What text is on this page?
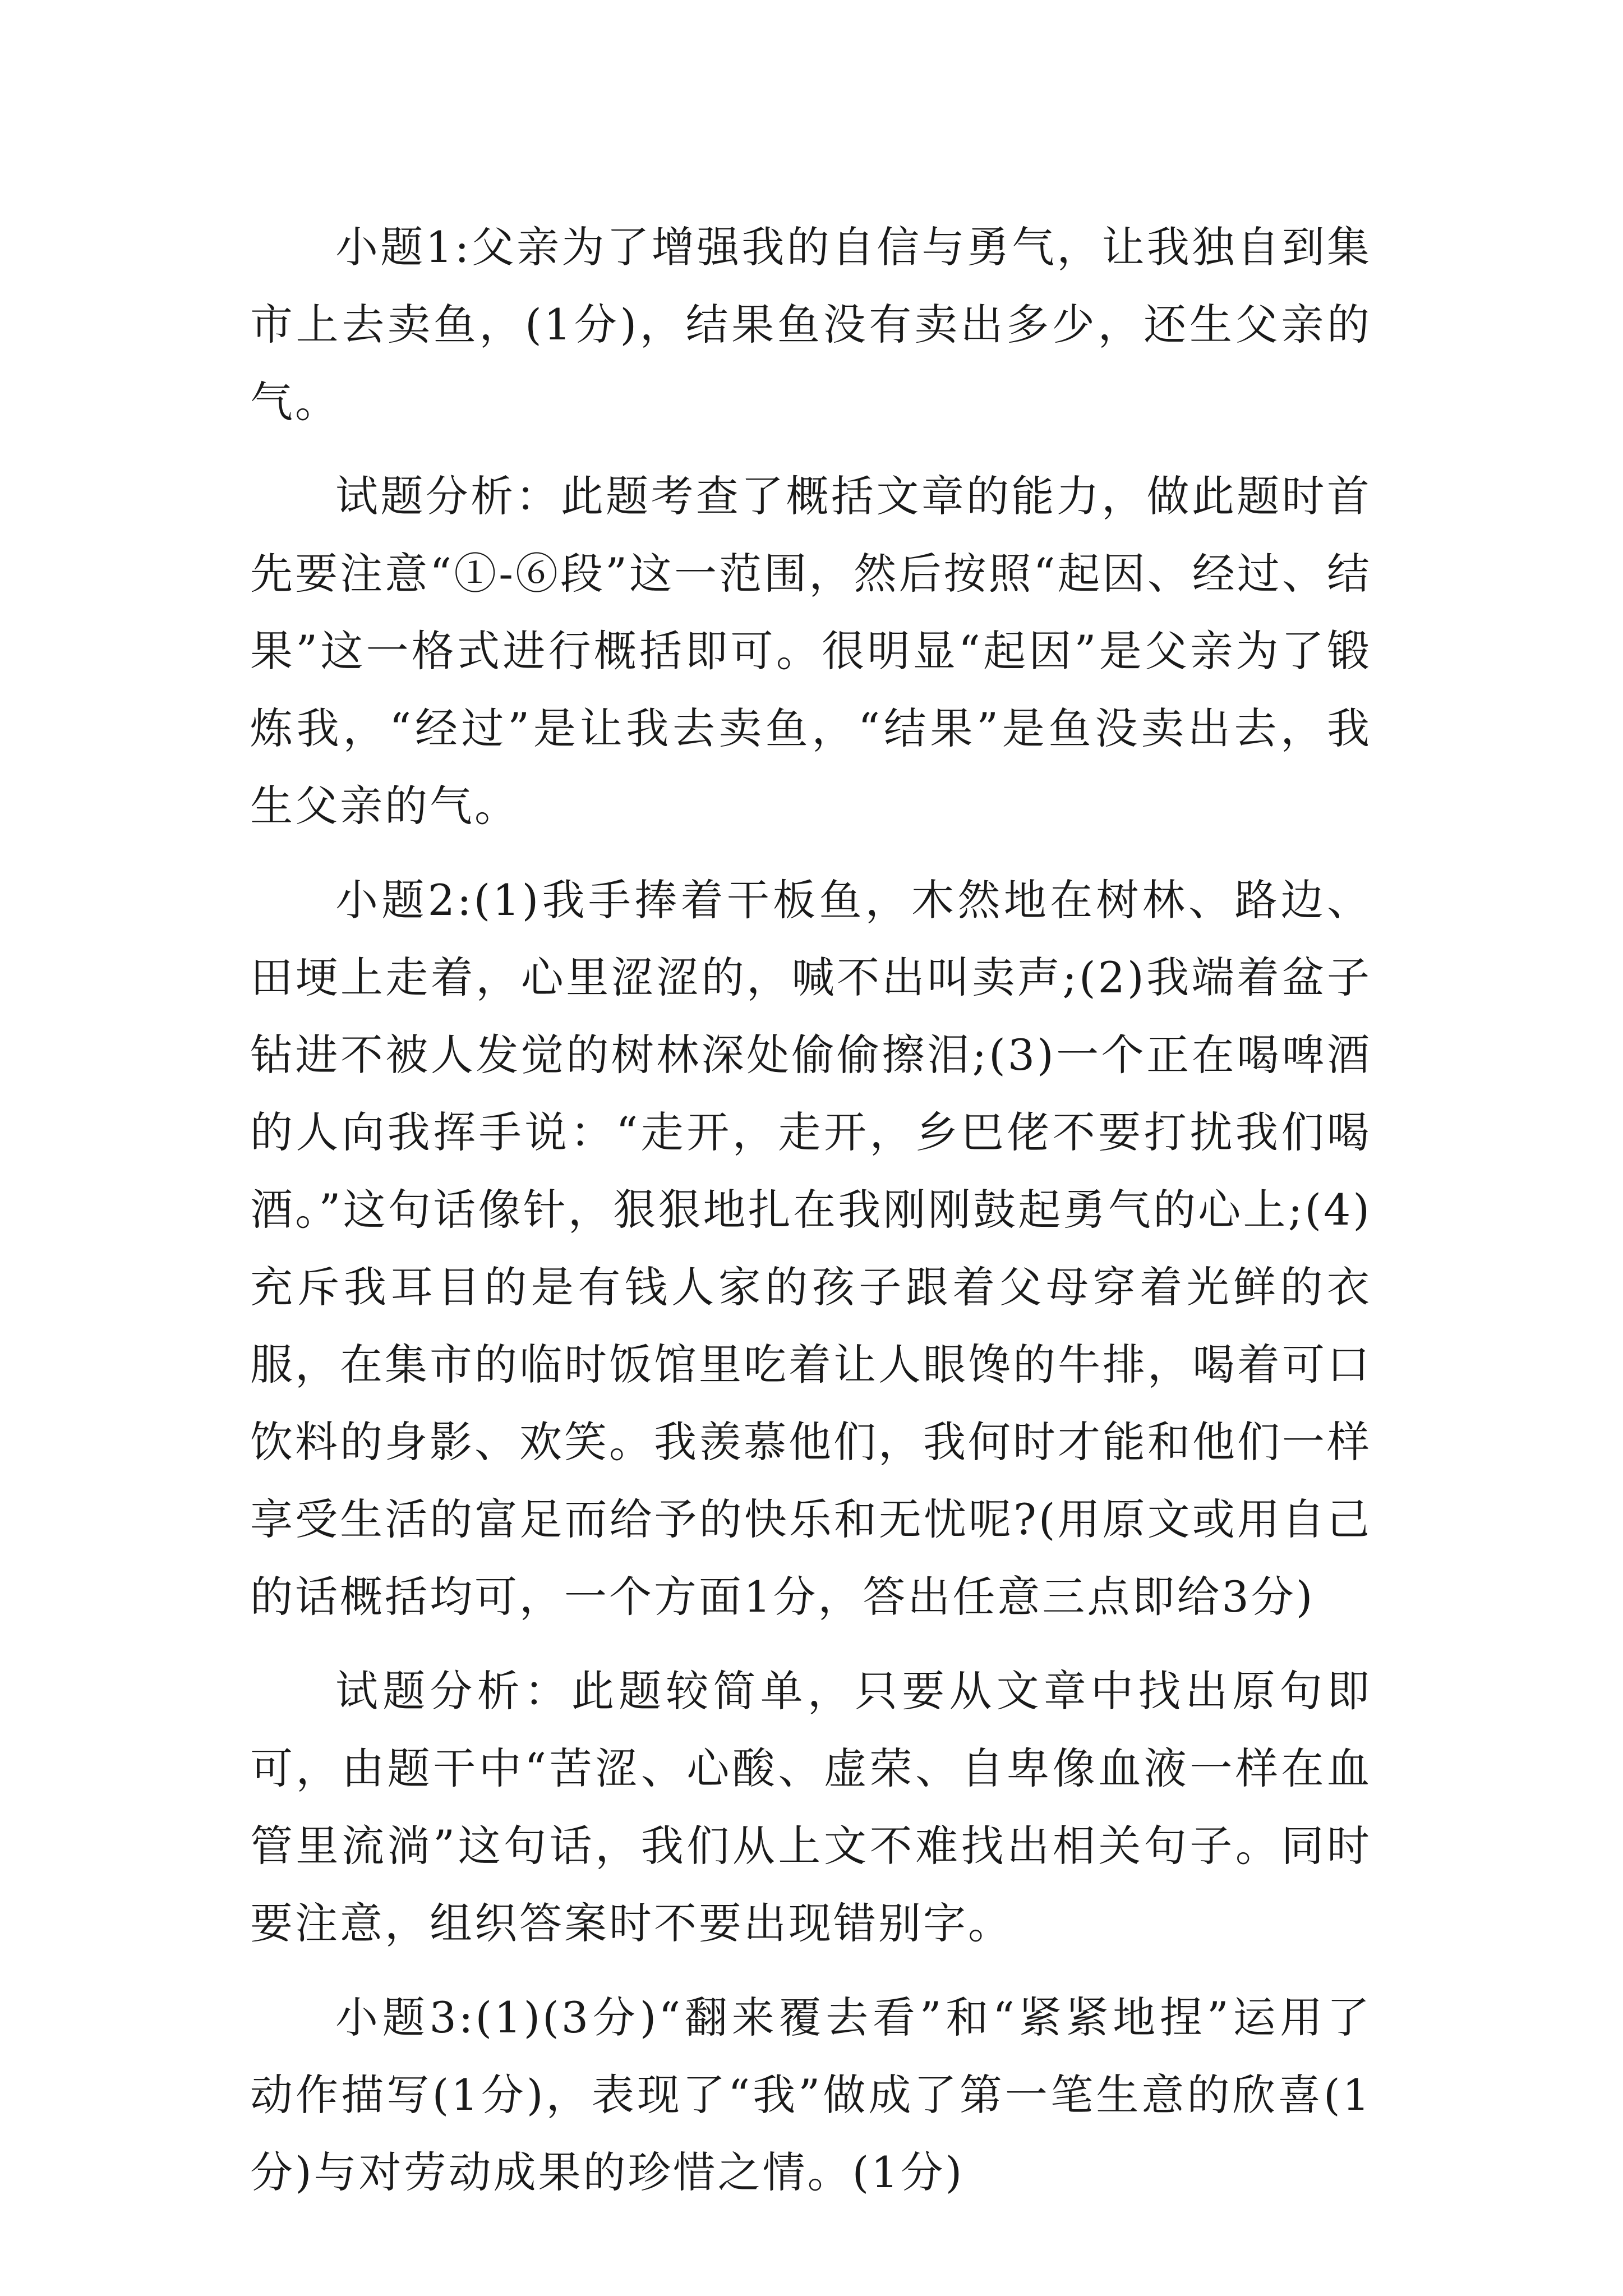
小题1:父亲为了增强我的自信与勇气，让我独自到集市上去卖鱼，(1分)，结果鱼没有卖出多少，还生父亲的气。

试题分析：此题考查了概括文章的能力，做此题时首先要注意“①-⑥段”这一范围，然后按照“起因、经过、结果”这一格式进行概括即可。很明显“起因”是父亲为了锻炼我，“经过”是让我去卖鱼，“结果”是鱼没卖出去，我生父亲的气。

小题2:(1)我手捧着干板鱼，木然地在树林、路边、田埂上走着，心里涩涩的，喊不出叫卖声;(2)我端着盆子钻进不被人发觉的树林深处偷偷擦泪;(3)一个正在喝啤酒的人向我挥手说：“走开，走开，乡巴佬不要打扰我们喝酒。”这句话像针，狠狠地扎在我刚刚鼓起勇气的心上;(4)充斥我耳目的是有钱人家的孩子跟着父母穿着光鲜的衣服，在集市的临时饭馆里吃着让人眼馋的牛排，喝着可口饮料的身影、欢笑。我羡慕他们，我何时才能和他们一样享受生活的富足而给予的快乐和无忧呢?(用原文或用自己的话概括均可，一个方面1分，答出任意三点即给3分)

试题分析：此题较简单，只要从文章中找出原句即可，由题干中“苦涩、心酸、虚荣、自卑像血液一样在血管里流淌”这句话，我们从上文不难找出相关句子。同时要注意，组织答案时不要出现错别字。

小题3:(1)(3分)“翻来覆去看”和“紧紧地捏”运用了动作描写(1分)，表现了“我”做成了第一笔生意的欣喜(1分)与对劳动成果的珍惜之情。(1分)
